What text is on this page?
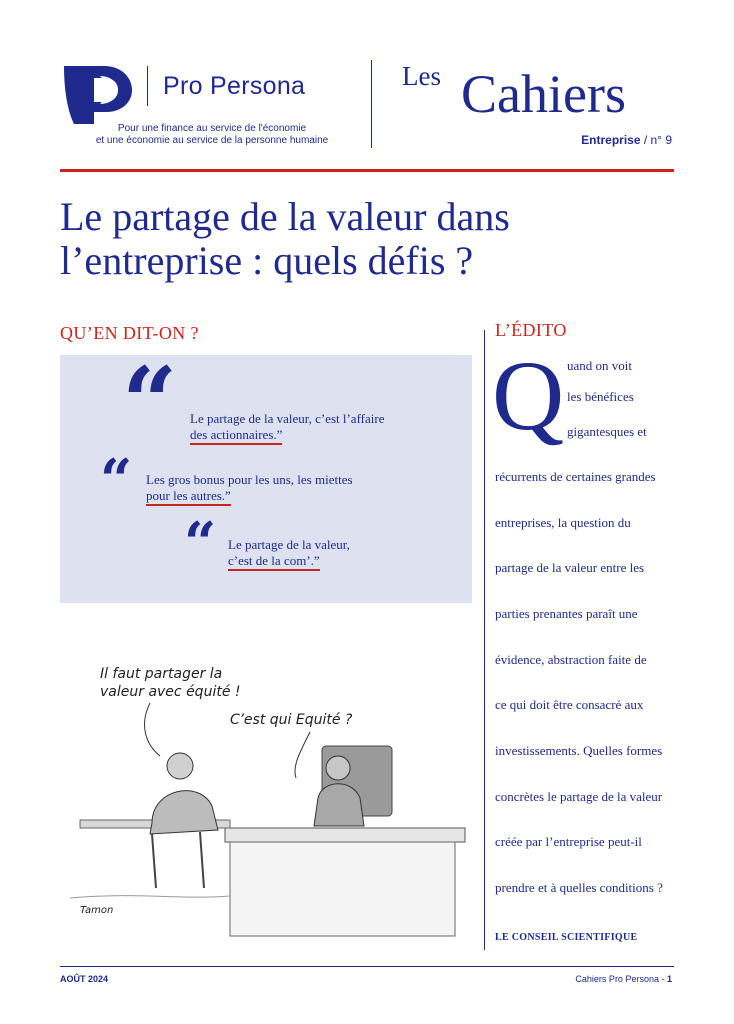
Pro Persona
Pour une finance au service de l'économie
et une économie au service de la personne humaine
Les Cahiers
Entreprise / n° 9
Le partage de la valeur dans
l’entreprise : quels défis ?
QU’EN DIT-ON ?
“	Le partage de la valeur, c’est l’affaire
des actionnaires.”
“	Les gros bonus pour les uns, les miettes
pour les autres.”
“ Le partage de la valeur,
c’est de la com’.”
Il faut partager la
valeur avec équité !
C’est qui Equité ?
Tamon
L’ÉDITO
Q uand on voit
les bénéfices
gigantesques et
récurrents de certaines grandes
entreprises, la question du
partage de la valeur entre les
parties prenantes paraît une
évidence, abstraction faite de
ce qui doit être consacré aux
investissements. Quelles formes
concrètes le partage de la valeur
créée par l’entreprise peut-il
prendre et à quelles conditions ?
LE CONSEIL SCIENTIFIQUE
AOÛT 2024	Cahiers Pro Persona - 1
